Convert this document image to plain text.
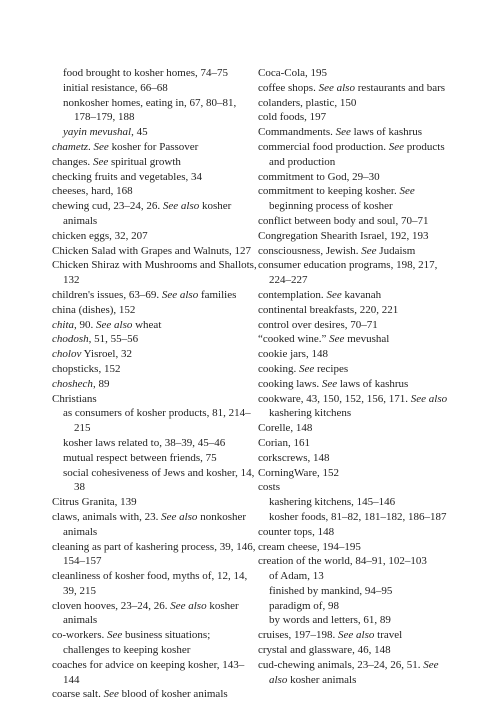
food brought to kosher homes, 74–75

initial resistance, 66–68

nonkosher homes, eating in, 67, 80–81, 178–179, 188

yayin mevushal, 45

chametz. See kosher for Passover

changes. See spiritual growth

checking fruits and vegetables, 34

cheeses, hard, 168

chewing cud, 23–24, 26. See also kosher animals

chicken eggs, 32, 207

Chicken Salad with Grapes and Walnuts, 127

Chicken Shiraz with Mushrooms and Shallots, 132

children's issues, 63–69. See also families

china (dishes), 152

chita, 90. See also wheat

chodosh, 51, 55–56

cholov Yisroel, 32

chopsticks, 152

choshech, 89

Christians

as consumers of kosher products, 81, 214–215

kosher laws related to, 38–39, 45–46

mutual respect between friends, 75

social cohesiveness of Jews and kosher, 14, 38

Citrus Granita, 139

claws, animals with, 23. See also nonkosher animals

cleaning as part of kashering process, 39, 146, 154–157

cleanliness of kosher food, myths of, 12, 14, 39, 215

cloven hooves, 23–24, 26. See also kosher animals

co-workers. See business situations; challenges to keeping kosher

coaches for advice on keeping kosher, 143–144

coarse salt. See blood of kosher animals

Coca-Cola, 195

coffee shops. See also restaurants and bars

colanders, plastic, 150

cold foods, 197

Commandments. See laws of kashrus

commercial food production. See products and production

commitment to God, 29–30

commitment to keeping kosher. See beginning process of kosher

conflict between body and soul, 70–71

Congregation Shearith Israel, 192, 193

consciousness, Jewish. See Judaism

consumer education programs, 198, 217, 224–227

contemplation. See kavanah

continental breakfasts, 220, 221

control over desires, 70–71

“cooked wine.” See mevushal

cookie jars, 148

cooking. See recipes

cooking laws. See laws of kashrus

cookware, 43, 150, 152, 156, 171. See also kashering kitchens

Corelle, 148

Corian, 161

corkscrews, 148

CorningWare, 152

costs

kashering kitchens, 145–146

kosher foods, 81–82, 181–182, 186–187

counter tops, 148

cream cheese, 194–195

creation of the world, 84–91, 102–103

of Adam, 13

finished by mankind, 94–95

paradigm of, 98

by words and letters, 61, 89

cruises, 197–198. See also travel

crystal and glassware, 46, 148

cud-chewing animals, 23–24, 26, 51. See also kosher animals
